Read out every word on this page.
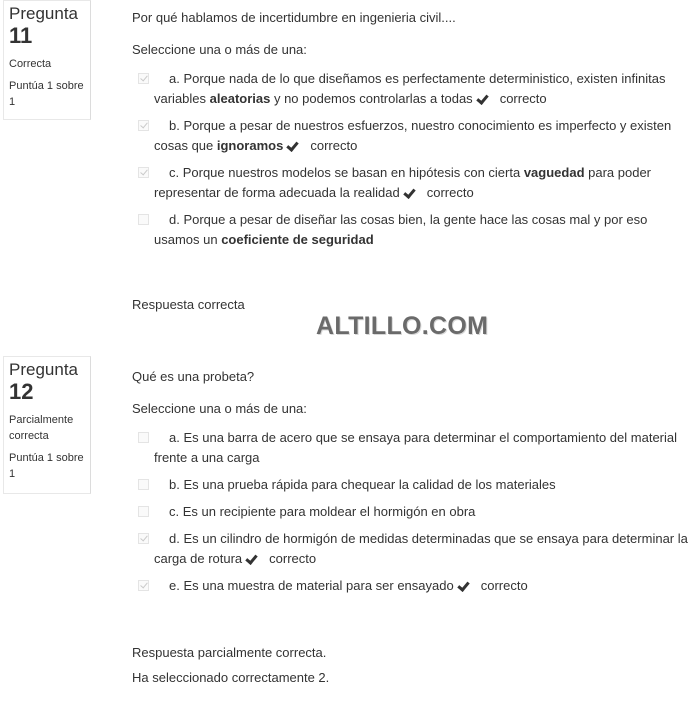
Pregunta
11
Correcta
Puntúa 1 sobre 1
Por qué hablamos de incertidumbre en ingenieria civil....
Seleccione una o más de una:
a. Porque nada de lo que diseñamos es perfectamente deterministico, existen infinitas variables aleatorias y no podemos controlarlas a todas correcto
b. Porque a pesar de nuestros esfuerzos, nuestro conocimiento es imperfecto y existen cosas que ignoramos correcto
c. Porque nuestros modelos se basan en hipótesis con cierta vaguedad para poder representar de forma adecuada la realidad correcto
d. Porque a pesar de diseñar las cosas bien, la gente hace las cosas mal y por eso usamos un coeficiente de seguridad
Respuesta correcta
ALTILLO.COM
Pregunta
12
Parcialmente correcta
Puntúa 1 sobre 1
Qué es una probeta?
Seleccione una o más de una:
a. Es una barra de acero que se ensaya para determinar el comportamiento del material frente a una carga
b. Es una prueba rápida para chequear la calidad de los materiales
c. Es un recipiente para moldear el hormigón en obra
d. Es un cilindro de hormigón de medidas determinadas que se ensaya para determinar la carga de rotura correcto
e. Es una muestra de material para ser ensayado correcto
Respuesta parcialmente correcta.
Ha seleccionado correctamente 2.
